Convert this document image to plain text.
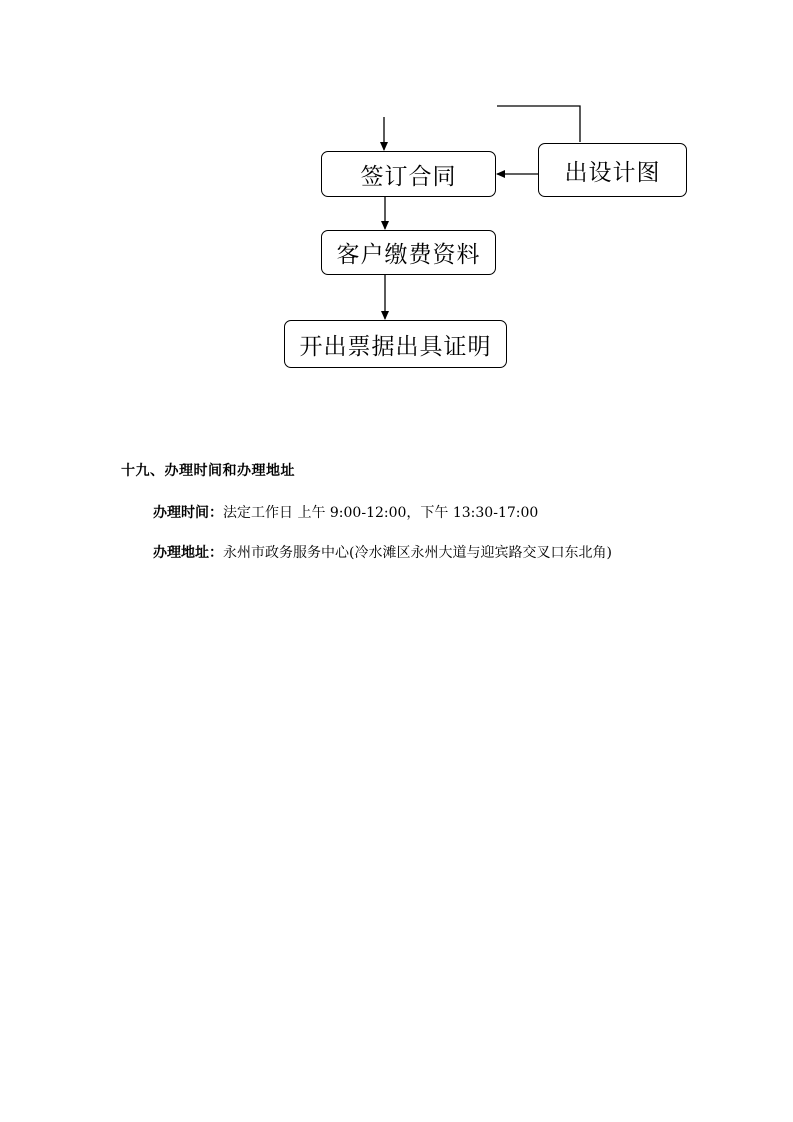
签订合同	出设计图
客户缴费资料
开出票据出具证明
十九、办理时间和办理地址
办理时间：法定工作日 上午 9:00-12:00，下午 13:30-17:00
办理地址：永州市政务服务中心(冷水滩区永州大道与迎宾路交叉口东北角)
